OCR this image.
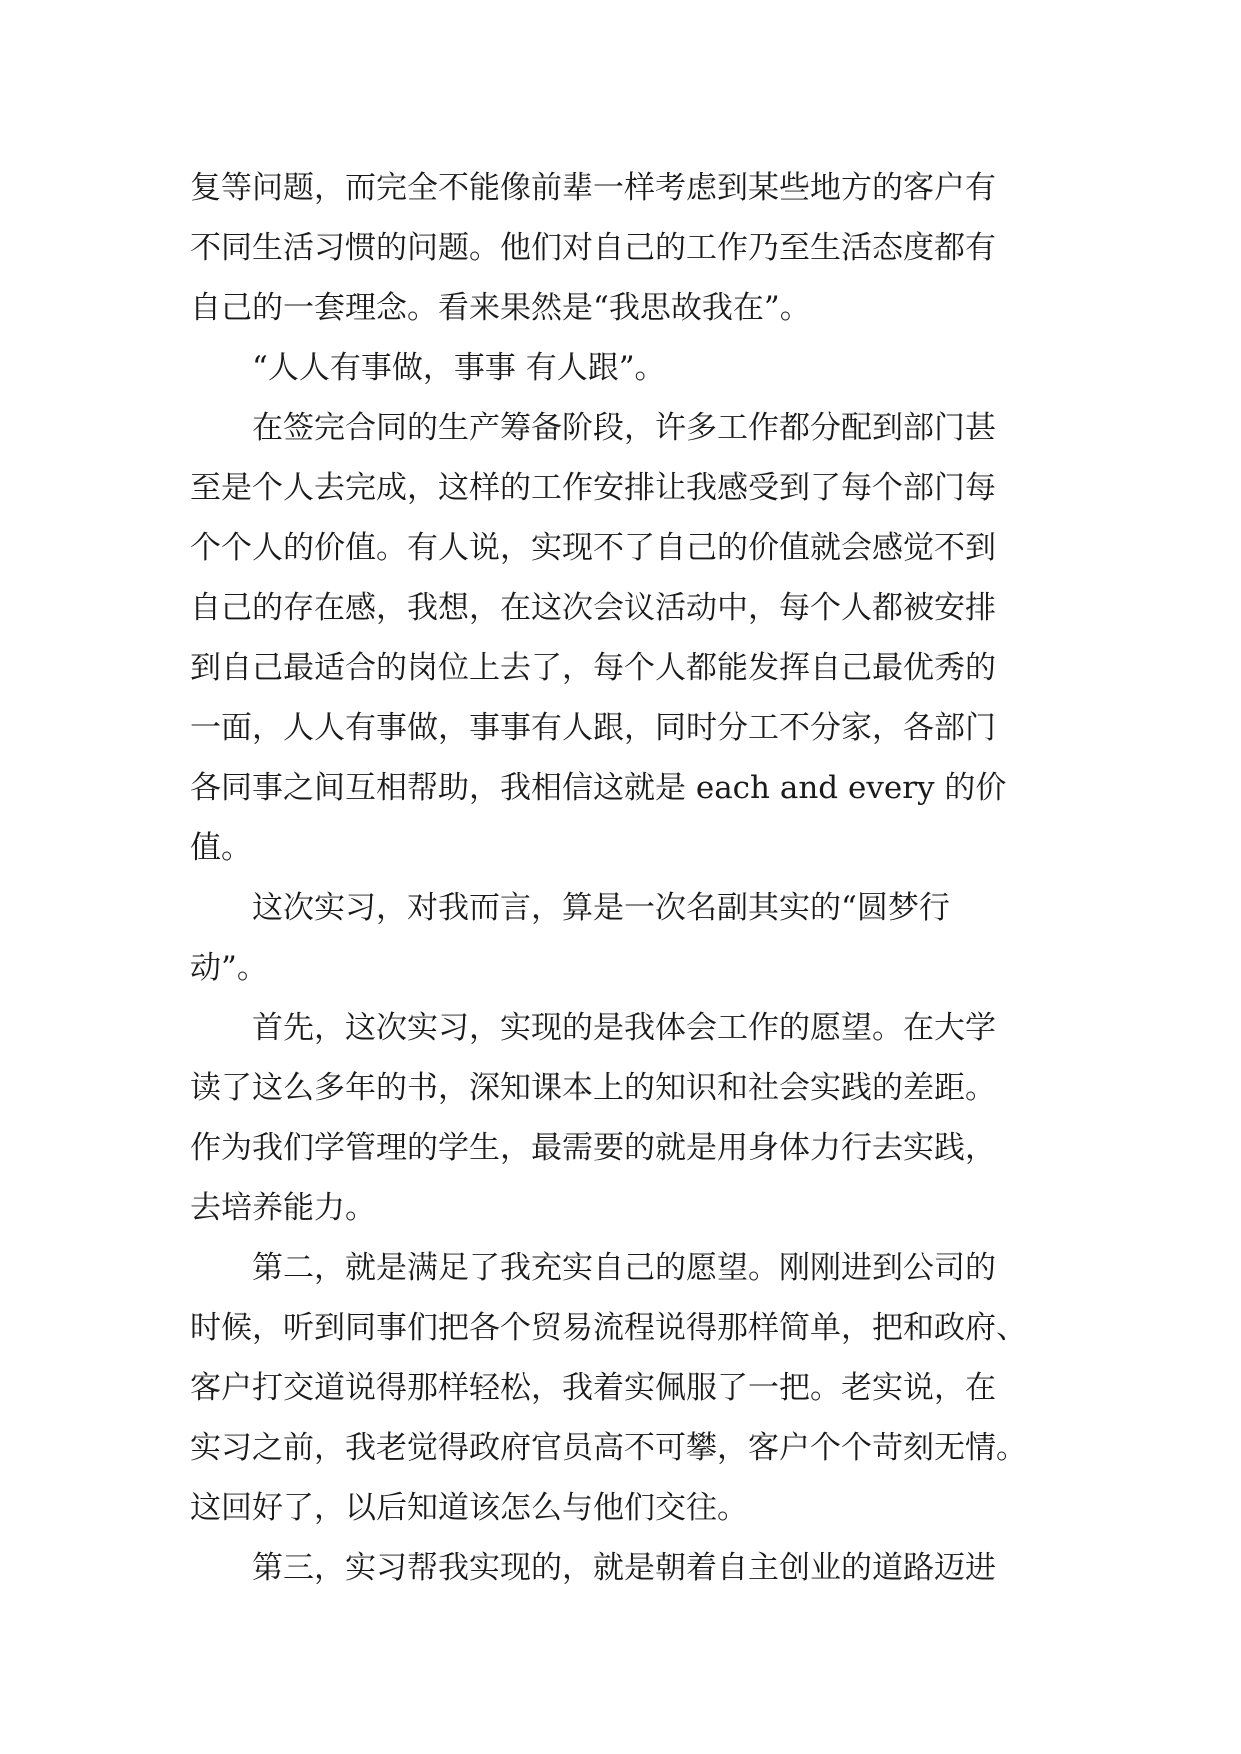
复等问题，而完全不能像前辈一样考虑到某些地方的客户有
不同生活习惯的问题。他们对自己的工作乃至生活态度都有
自己的一套理念。看来果然是“我思故我在”。

“人人有事做，事事 有人跟”。

在签完合同的生产筹备阶段，许多工作都分配到部门甚
至是个人去完成，这样的工作安排让我感受到了每个部门每
个个人的价值。有人说，实现不了自己的价值就会感觉不到
自己的存在感，我想，在这次会议活动中，每个人都被安排
到自己最适合的岗位上去了，每个人都能发挥自己最优秀的
一面，人人有事做，事事有人跟，同时分工不分家，各部门
各同事之间互相帮助，我相信这就是 each and every 的价
值。

这次实习，对我而言，算是一次名副其实的“圆梦行
动”。

首先，这次实习，实现的是我体会工作的愿望。在大学
读了这么多年的书，深知课本上的知识和社会实践的差距。
作为我们学管理的学生，最需要的就是用身体力行去实践，
去培养能力。

第二，就是满足了我充实自己的愿望。刚刚进到公司的
时候，听到同事们把各个贸易流程说得那样简单，把和政府、
客户打交道说得那样轻松，我着实佩服了一把。老实说，在
实习之前，我老觉得政府官员高不可攀，客户个个苛刻无情。
这回好了，以后知道该怎么与他们交往。

第三，实习帮我实现的，就是朝着自主创业的道路迈进
